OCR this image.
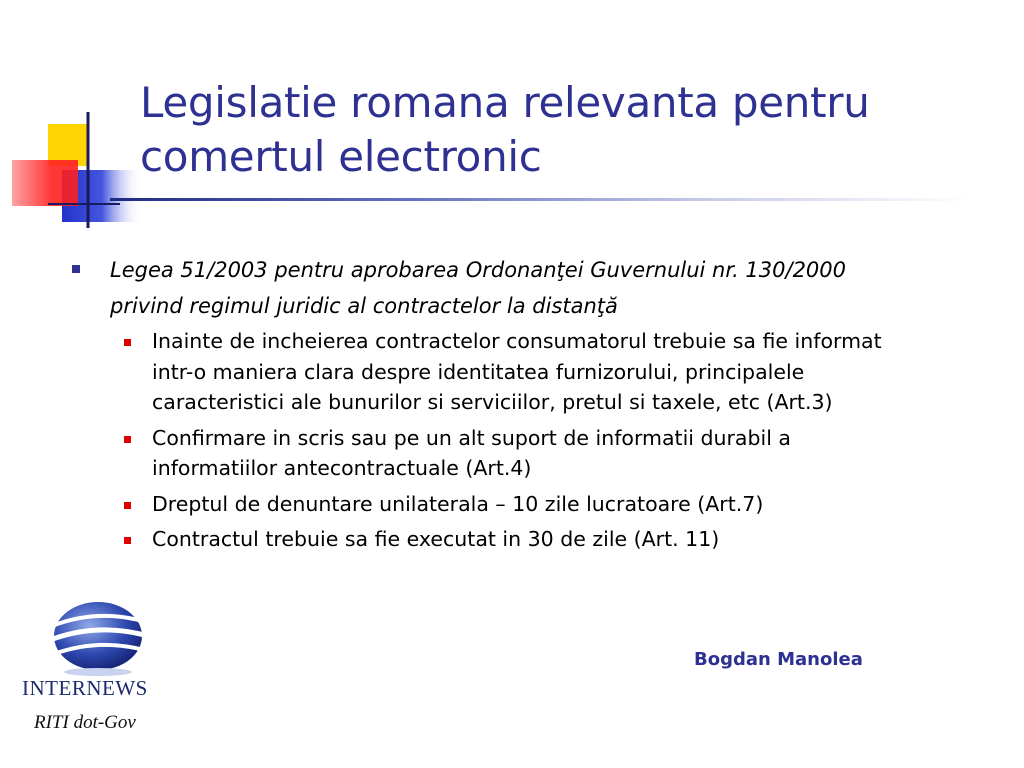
Legislatie romana relevanta pentru comertul electronic
Legea 51/2003 pentru aprobarea Ordonanţei Guvernului nr. 130/2000 privind regimul juridic al contractelor la distanţă
Inainte de incheierea contractelor consumatorul trebuie sa fie informat intr-o maniera clara despre identitatea furnizorului, principalele caracteristici ale bunurilor si serviciilor, pretul si taxele, etc (Art.3)
Confirmare in scris sau pe un alt suport de informatii durabil a informatiilor antecontractuale (Art.4)
Dreptul de denuntare unilaterala – 10 zile lucratoare (Art.7)
Contractul trebuie sa fie executat in 30 de zile (Art. 11)
INTERNEWS
RITI dot-Gov
Bogdan Manolea
